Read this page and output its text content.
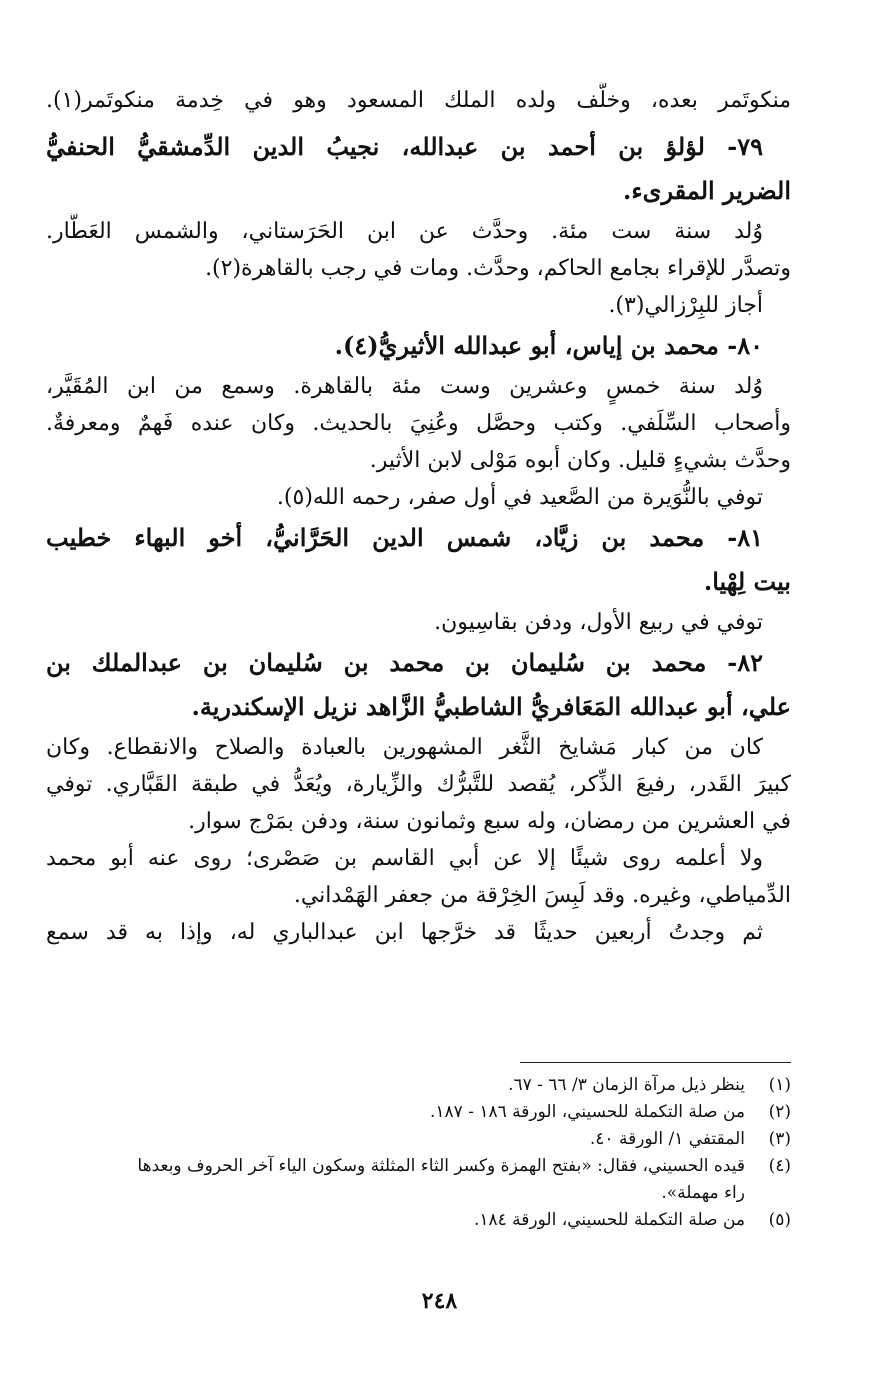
منكوتَمر بعده، وخلَّف ولده الملك المسعود وهو في خِدمة منكوتَمر(١).
٧٩- لؤلؤ بن أحمد بن عبدالله، نجيبُ الدين الدِّمشقيُّ الحنفيُّ
الضرير المقرىء.
وُلد سنة ست مئة. وحدَّث عن ابن الحَرَستاني، والشمس العَطَّار.
وتصدَّر للإقراء بجامع الحاكم، وحدَّث. ومات في رجب بالقاهرة(٢).
أجاز للبِرْزالي(٣).
٨٠- محمد بن إياس، أبو عبدالله الأثيريُّ(٤).
وُلد سنة خمسٍ وعشرين وست مئة بالقاهرة. وسمع من ابن المُقَيَّر،
وأصحاب السِّلَفي. وكتب وحصَّل وعُنِيَ بالحديث. وكان عنده فَهمٌ ومعرفةٌ.
وحدَّث بشيءٍ قليل. وكان أبوه مَوْلى لابن الأثير.
توفي بالنُّوَيرة من الصَّعيد في أول صفر، رحمه الله(٥).
٨١- محمد بن زيَّاد، شمس الدين الحَرَّانيُّ، أخو البهاء خطيب
بيت لِهْيا.
توفي في ربيع الأول، ودفن بقاسِيون.
٨٢- محمد بن سُليمان بن محمد بن سُليمان بن عبدالملك بن
علي، أبو عبدالله المَعَافريُّ الشاطبيُّ الزَّاهد نزيل الإسكندرية.
كان من كبار مَشايخ الثَّغر المشهورين بالعبادة والصلاح والانقطاع. وكان
كبيرَ القَدر، رفيعَ الذِّكر، يُقصد للتَّبرُّك والزِّيارة، ويُعَدُّ في طبقة القَبَّاري. توفي
في العشرين من رمضان، وله سبع وثمانون سنة، ودفن بمَرْج سوار.
ولا أعلمه روى شيئًا إلا عن أبي القاسم بن صَصْرى؛ روى عنه أبو محمد
الدِّمياطي، وغيره. وقد لَبِسَ الخِرْقة من جعفر الهَمْداني.
ثم وجدتُ أربعين حديثًا قد خرَّجها ابن عبدالباري له، وإذا به قد سمع
(١)
ينظر ذيل مرآة الزمان ٣/ ٦٦ - ٦٧.
(٢)
من صلة التكملة للحسيني، الورقة ١٨٦ - ١٨٧.
(٣)
المقتفي ١/ الورقة ٤٠.
(٤)
قيده الحسيني، فقال: «بفتح الهمزة وكسر الثاء المثلثة وسكون الياء آخر الحروف وبعدها
راء مهملة».
(٥)
من صلة التكملة للحسيني، الورقة ١٨٤.
٢٤٨
